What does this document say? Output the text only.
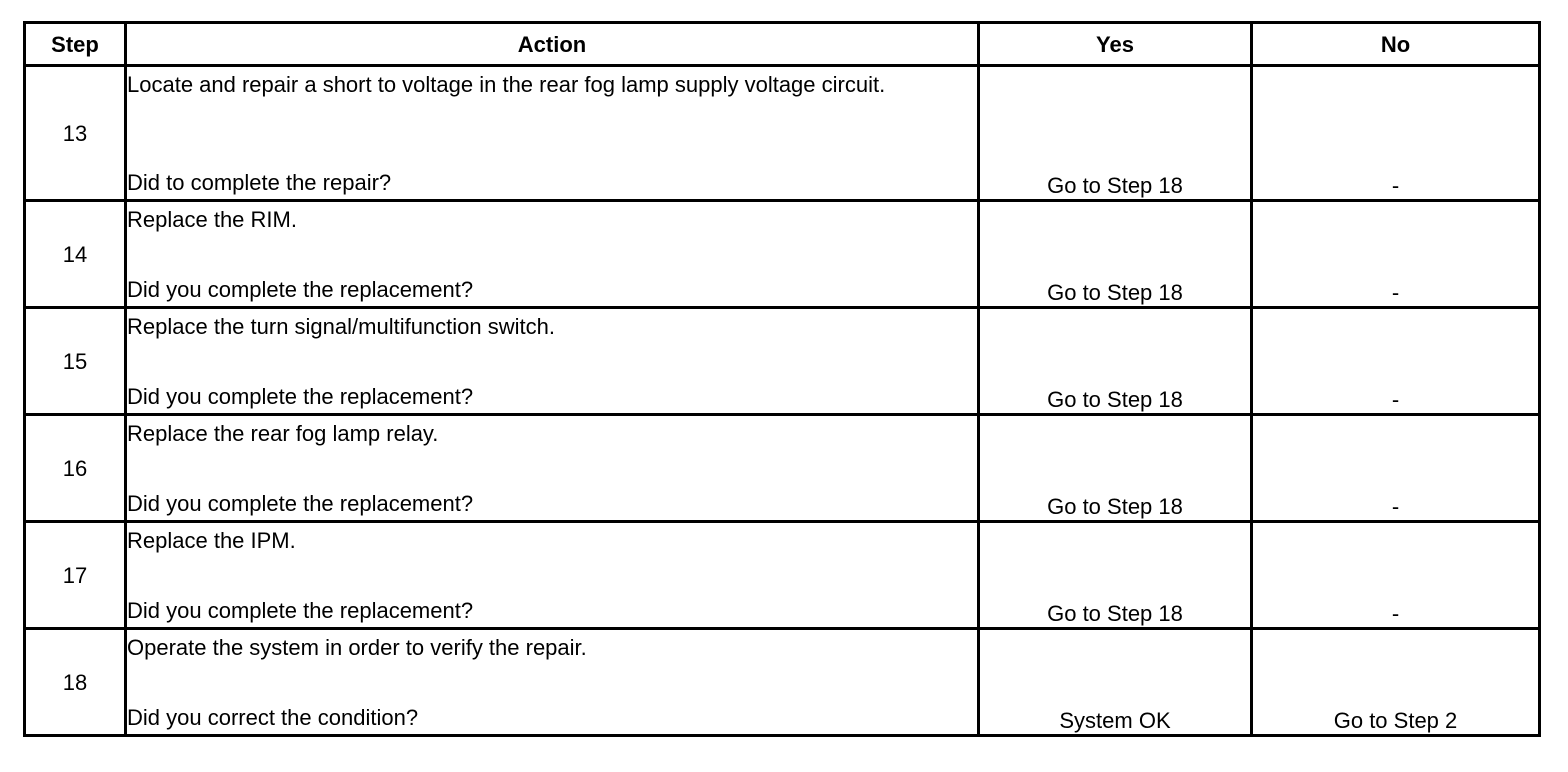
Step	Action	Yes	No
13	Locate and repair a short to voltage in the rear fog lamp supply voltage circuit.
Did to complete the repair?	Go to Step 18	-
14	Replace the RIM.
Did you complete the replacement?	Go to Step 18	-
15	Replace the turn signal/multifunction switch.
Did you complete the replacement?	Go to Step 18	-
16	Replace the rear fog lamp relay.
Did you complete the replacement?	Go to Step 18	-
17	Replace the IPM.
Did you complete the replacement?	Go to Step 18	-
18	Operate the system in order to verify the repair.
Did you correct the condition?	System OK	Go to Step 2
